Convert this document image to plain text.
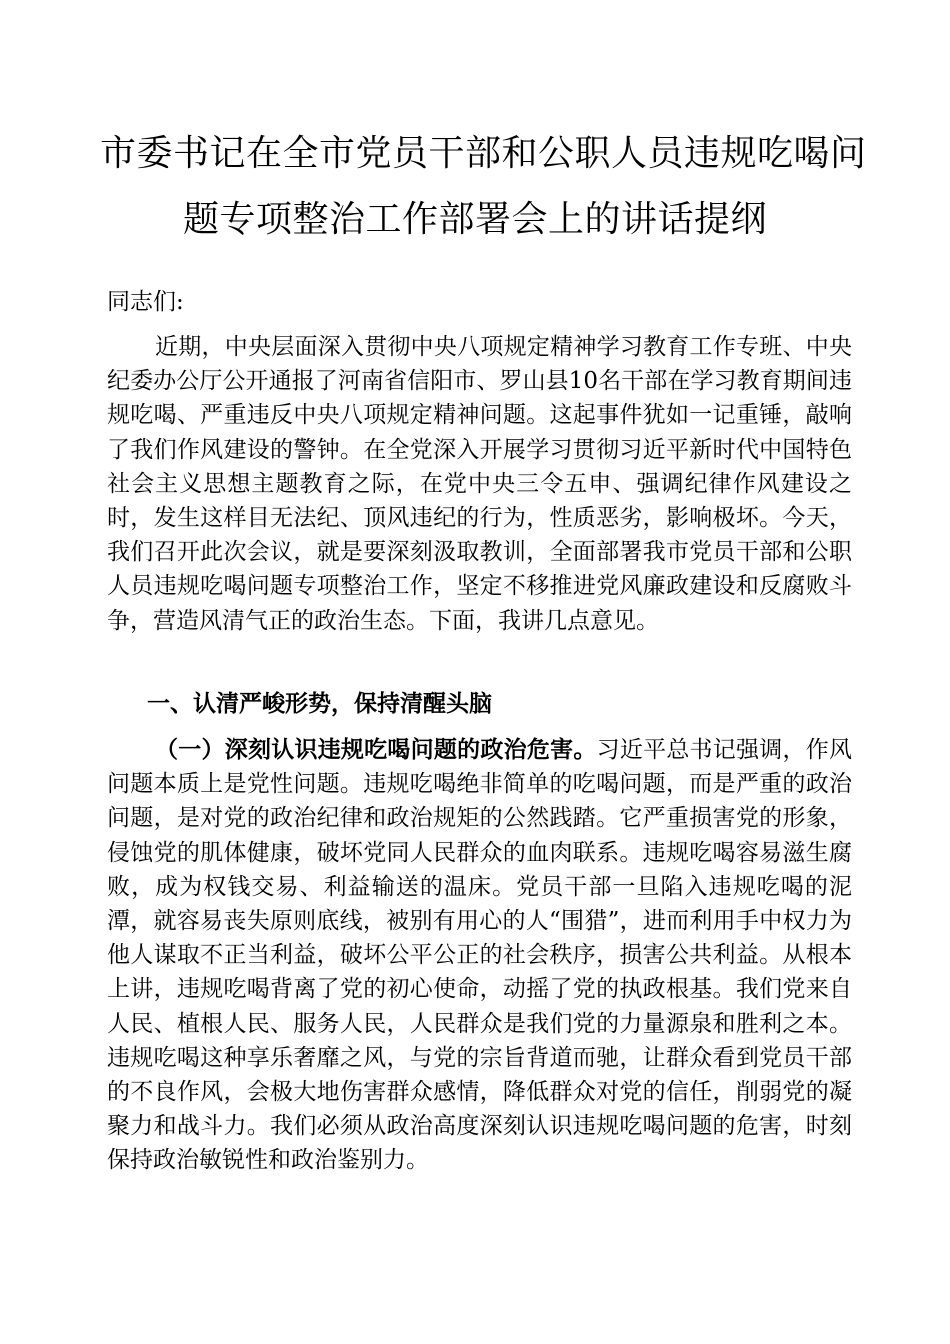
市委书记在全市党员干部和公职人员违规吃喝问
题专项整治工作部署会上的讲话提纲
同志们:

近期，中央层面深入贯彻中央八项规定精神学习教育工作专班、中央纪委办公厅公开通报了河南省信阳市、罗山县10名干部在学习教育期间违规吃喝、严重违反中央八项规定精神问题。这起事件犹如一记重锤，敲响了我们作风建设的警钟。在全党深入开展学习贯彻习近平新时代中国特色社会主义思想主题教育之际，在党中央三令五申、强调纪律作风建设之时，发生这样目无法纪、顶风违纪的行为，性质恶劣，影响极坏。今天，我们召开此次会议，就是要深刻汲取教训，全面部署我市党员干部和公职人员违规吃喝问题专项整治工作，坚定不移推进党风廉政建设和反腐败斗争，营造风清气正的政治生态。下面，我讲几点意见。

一、认清严峻形势，保持清醒头脑

（一）深刻认识违规吃喝问题的政治危害。习近平总书记强调，作风问题本质上是党性问题。违规吃喝绝非简单的吃喝问题，而是严重的政治问题，是对党的政治纪律和政治规矩的公然践踏。它严重损害党的形象，侵蚀党的肌体健康，破坏党同人民群众的血肉联系。违规吃喝容易滋生腐败，成为权钱交易、利益输送的温床。党员干部一旦陷入违规吃喝的泥潭，就容易丧失原则底线，被别有用心的人“围猎”，进而利用手中权力为他人谋取不正当利益，破坏公平公正的社会秩序，损害公共利益。从根本上讲，违规吃喝背离了党的初心使命，动摇了党的执政根基。我们党来自人民、植根人民、服务人民，人民群众是我们党的力量源泉和胜利之本。违规吃喝这种享乐奢靡之风，与党的宗旨背道而驰，让群众看到党员干部的不良作风，会极大地伤害群众感情，降低群众对党的信任，削弱党的凝聚力和战斗力。我们必须从政治高度深刻认识违规吃喝问题的危害，时刻保持政治敏锐性和政治鉴别力。
